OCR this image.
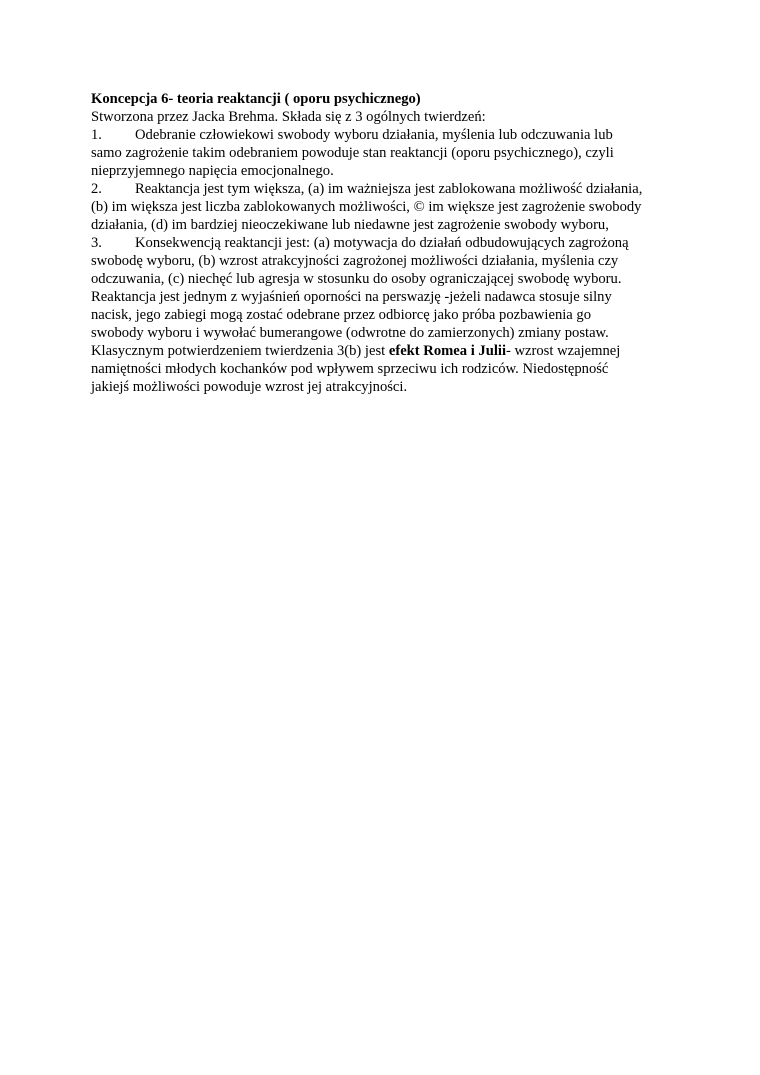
Koncepcja 6- teoria reaktancji ( oporu psychicznego)
Stworzona przez Jacka Brehma. Składa się z 3 ogólnych twierdzeń:
1. Odebranie człowiekowi swobody wyboru działania, myślenia lub odczuwania lub
samo zagrożenie takim odebraniem powoduje stan reaktancji (oporu psychicznego), czyli
nieprzyjemnego napięcia emocjonalnego.
2. Reaktancja jest tym większa, (a) im ważniejsza jest zablokowana możliwość działania,
(b) im większa jest liczba zablokowanych możliwości, © im większe jest zagrożenie swobody
działania, (d) im bardziej nieoczekiwane lub niedawne jest zagrożenie swobody wyboru,
3. Konsekwencją reaktancji jest: (a) motywacja do działań odbudowujących zagrożoną
swobodę wyboru, (b) wzrost atrakcyjności zagrożonej możliwości działania, myślenia czy
odczuwania, (c) niechęć lub agresja w stosunku do osoby ograniczającej swobodę wyboru.
Reaktancja jest jednym z wyjaśnień oporności na perswazję -jeżeli nadawca stosuje silny
nacisk, jego zabiegi mogą zostać odebrane przez odbiorcę jako próba pozbawienia go
swobody wyboru i wywołać bumerangowe (odwrotne do zamierzonych) zmiany postaw.
Klasycznym potwierdzeniem twierdzenia 3(b) jest efekt Romea i Julii- wzrost wzajemnej
namiętności młodych kochanków pod wpływem sprzeciwu ich rodziców. Niedostępność
jakiejś możliwości powoduje wzrost jej atrakcyjności.
